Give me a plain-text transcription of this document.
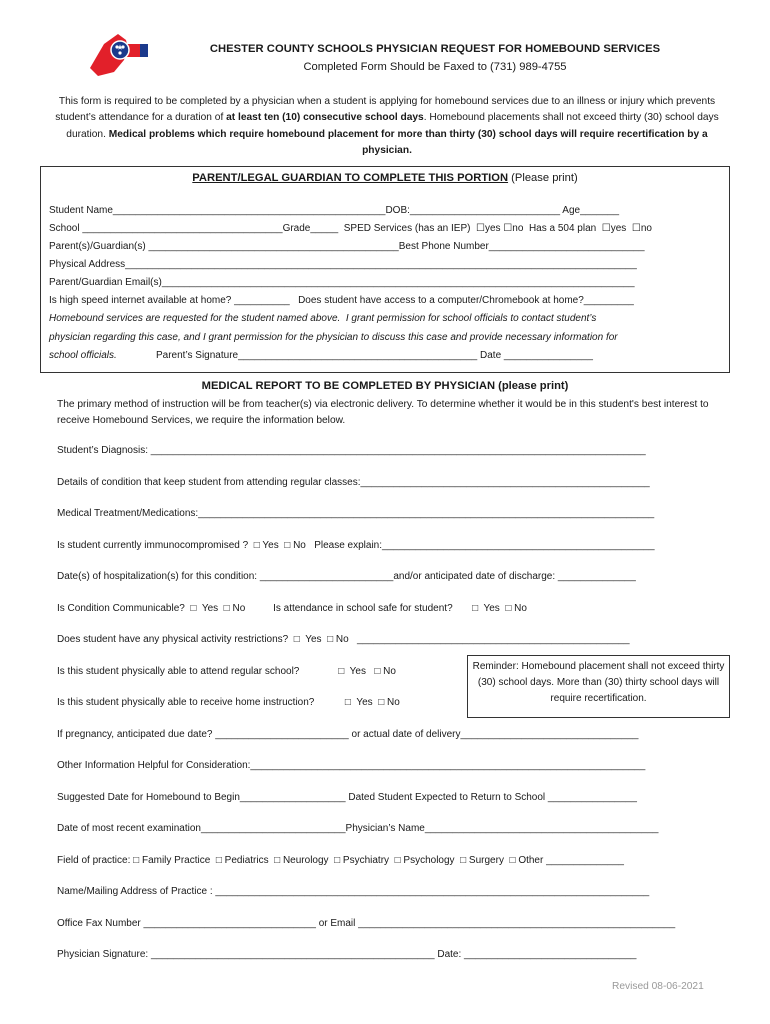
CHESTER COUNTY SCHOOLS PHYSICIAN REQUEST FOR HOMEBOUND SERVICES
Completed Form Should be Faxed to (731) 989-4755
This form is required to be completed by a physician when a student is applying for homebound services due to an illness or injury which prevents student’s attendance for a duration of at least ten (10) consecutive school days. Homebound placements shall not exceed thirty (30) school days duration. Medical problems which require homebound placement for more than thirty (30) school days will require recertification by a physician.
PARENT/LEGAL GUARDIAN TO COMPLETE THIS PORTION (Please print)
Student Name_________________________________________________DOB:___________________________ Age_______
School ____________________________________Grade_____  SPED Services (has an IEP)  ☐yes ☐no  Has a 504 plan  ☐yes  ☐no
Parent(s)/Guardian(s) _____________________________________________Best Phone Number____________________________
Physical Address____________________________________________________________________________________________
Parent/Guardian Email(s)_____________________________________________________________________________________
Is high speed internet available at home? __________   Does student have access to a computer/Chromebook at home?_________
Homebound services are requested for the student named above.  I grant permission for school officials to contact student’s
physician regarding this case, and I grant permission for the physician to discuss this case and provide necessary information for
school officials.	Parent’s Signature___________________________________________ Date ________________
MEDICAL REPORT TO BE COMPLETED BY PHYSICIAN (please print)
The primary method of instruction will be from teacher(s) via electronic delivery. To determine whether it would be in this student's best interest to receive Homebound Services, we require the information below.
Student’s Diagnosis: _________________________________________________________________________________________
Details of condition that keep student from attending regular classes:____________________________________________________
Medical Treatment/Medications:__________________________________________________________________________________
Is student currently immunocompromised ?  □ Yes  □ No   Please explain:_________________________________________________
Date(s) of hospitalization(s) for this condition: ________________________and/or anticipated date of discharge: ______________
Is Condition Communicable?  □  Yes  □ No          Is attendance in school safe for student?       □  Yes  □ No
Does student have any physical activity restrictions?  □  Yes  □ No   _________________________________________________
Is this student physically able to attend regular school?              □  Yes   □ No
Is this student physically able to receive home instruction?           □  Yes  □ No
Reminder: Homebound placement shall not exceed thirty (30) school days. More than (30) thirty school days will require recertification.
If pregnancy, anticipated due date? ________________________ or actual date of delivery________________________________
Other Information Helpful for Consideration:_______________________________________________________________________
Suggested Date for Homebound to Begin___________________ Dated Student Expected to Return to School ________________
Date of most recent examination__________________________Physician’s Name__________________________________________
Field of practice: □ Family Practice  □ Pediatrics  □ Neurology  □ Psychiatry  □ Psychology  □ Surgery  □ Other ______________
Name/Mailing Address of Practice : ______________________________________________________________________________
Office Fax Number _______________________________ or Email _________________________________________________________
Physician Signature: ___________________________________________________ Date: _______________________________
Revised 08-06-2021
